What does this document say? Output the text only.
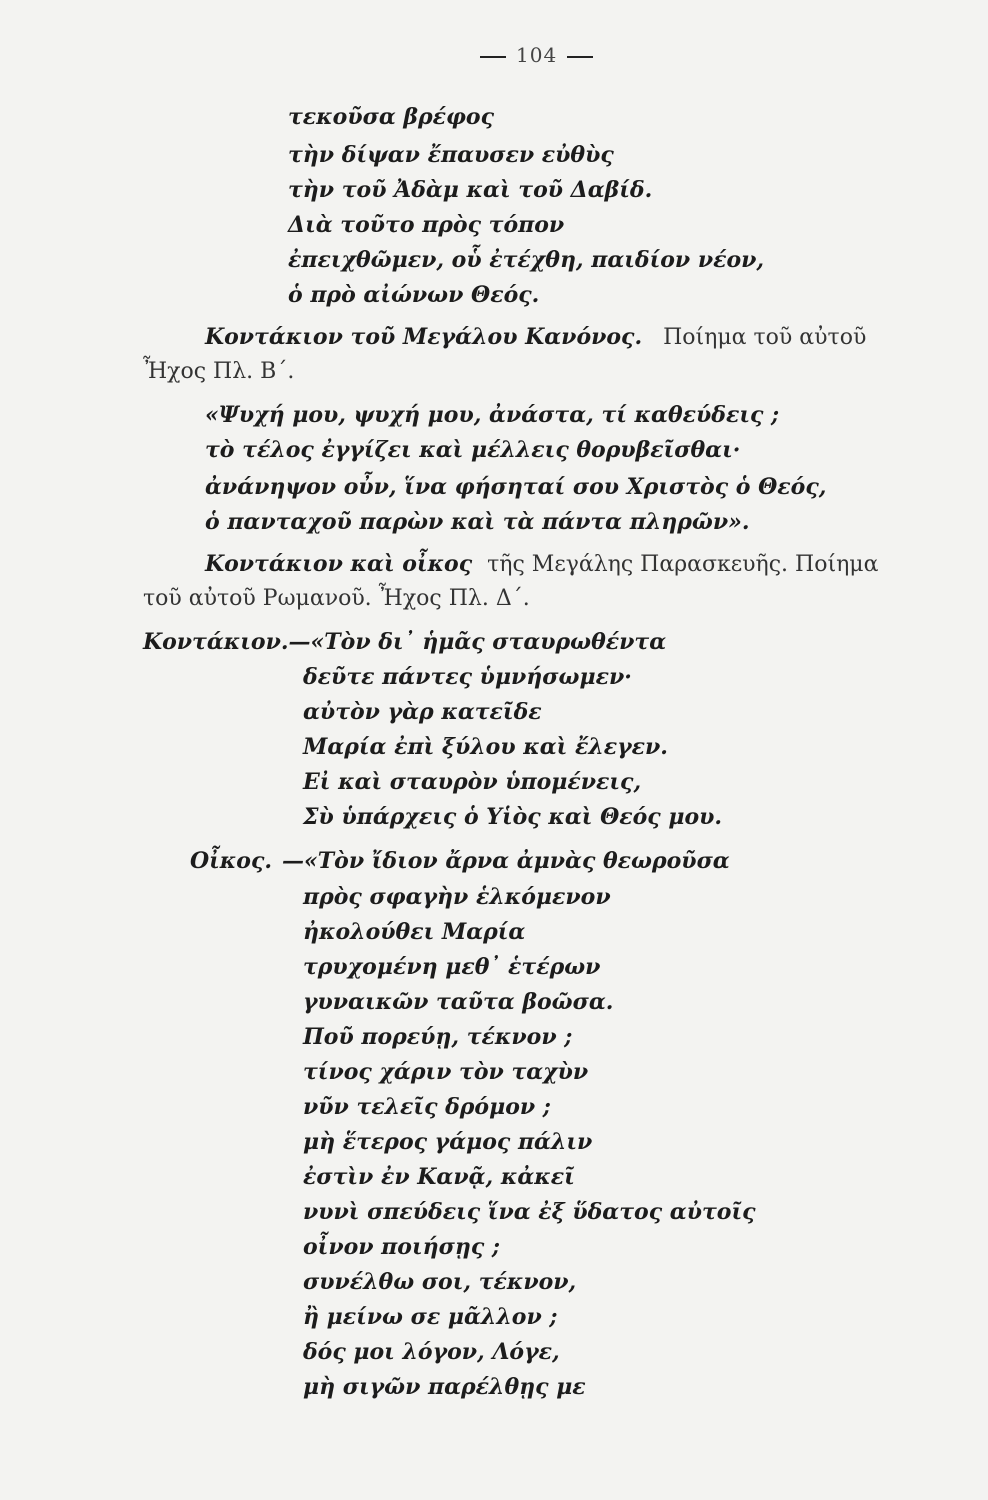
104
τεκοῦσα βρέφος
τὴν δίψαν ἔπαυσεν εὐθὺς
τὴν τοῦ Ἀδὰμ καὶ τοῦ Δαβίδ.
Διὰ τοῦτο πρὸς τόπον
ἐπειχθῶμεν, οὗ ἐτέχθη, παιδίον νέον,
ὁ πρὸ αἰώνων Θεός.
Κοντάκιον τοῦ Μεγάλου Κανόνος. Ποίημα τοῦ αὐτοῦ
Ἦχος Πλ. Β΄.
«Ψυχή μου, ψυχή μου, ἀνάστα, τί καθεύδεις ;
τὸ τέλος ἐγγίζει καὶ μέλλεις θορυβεῖσθαι·
ἀνάνηψον οὖν, ἵνα φήσηταί σου Χριστὸς ὁ Θεός,
ὁ πανταχοῦ παρὼν καὶ τὰ πάντα πληρῶν».
Κοντάκιον καὶ οἶκος τῆς Μεγάλης Παρασκευῆς. Ποίημα
τοῦ αὐτοῦ Ρωμανοῦ. Ἦχος Πλ. Δ΄.
Κοντάκιον.—«Τὸν δι᾽ ἡμᾶς σταυρωθέντα
δεῦτε πάντες ὑμνήσωμεν·
αὐτὸν γὰρ κατεῖδε
Μαρία ἐπὶ ξύλου καὶ ἔλεγεν.
Εἰ καὶ σταυρὸν ὑπομένεις,
Σὺ ὑπάρχεις ὁ Υἱὸς καὶ Θεός μου.
Οἶκος. —«Τὸν ἴδιον ἄρνα ἀμνὰς θεωροῦσα
πρὸς σφαγὴν ἑλκόμενον
ἠκολούθει Μαρία
τρυχομένη μεθ᾽ ἑτέρων
γυναικῶν ταῦτα βοῶσα.
Ποῦ πορεύῃ, τέκνον ;
τίνος χάριν τὸν ταχὺν
νῦν τελεῖς δρόμον ;
μὴ ἕτερος γάμος πάλιν
ἐστὶν ἐν Κανᾷ, κἀκεῖ
νυνὶ σπεύδεις ἵνα ἐξ ὕδατος αὐτοῖς
οἶνον ποιήσῃς ;
συνέλθω σοι, τέκνον,
ἢ μείνω σε μᾶλλον ;
δός μοι λόγον, Λόγε,
μὴ σιγῶν παρέλθῃς με
